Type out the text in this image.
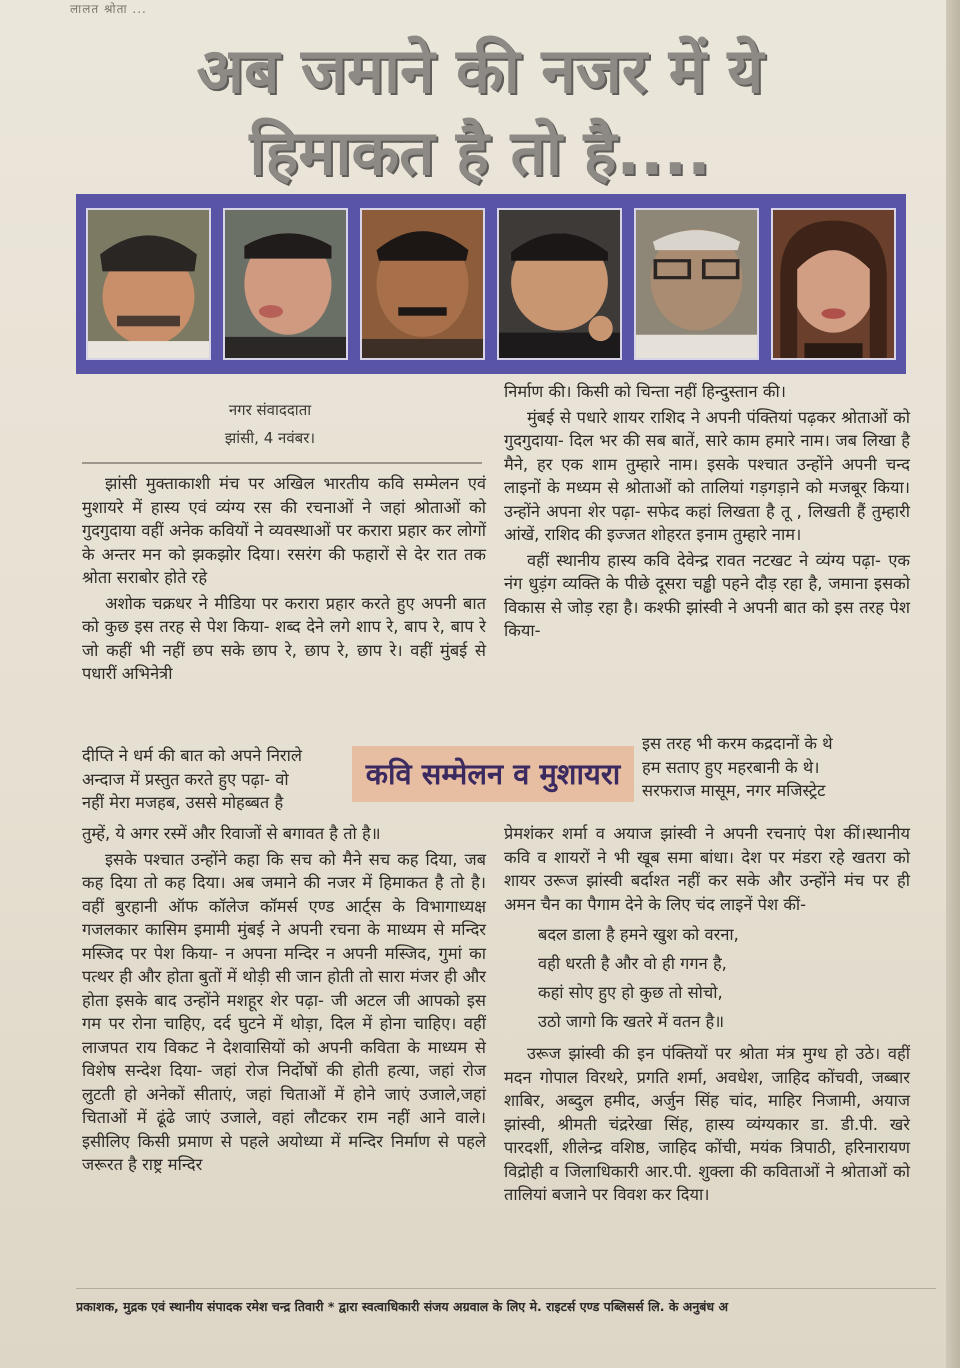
लालत श्रोता ...
अब जमाने की नजर में ये
हिमाकत है तो है....
नगर संवाददाता
झांसी, 4 नवंबर।

झांसी मुक्ताकाशी मंच पर अखिल भारतीय कवि सम्मेलन एवं मुशायरे में हास्य एवं व्यंग्य रस की रचनाओं ने जहां श्रोताओं को गुदगुदाया वहीं अनेक कवियों ने व्यवस्थाओं पर करारा प्रहार कर लोगों के अन्तर मन को झकझोर दिया। रसरंग की फहारों से देर रात तक श्रोता सराबोर होते रहे

अशोक चक्रधर ने मीडिया पर करारा प्रहार करते हुए अपनी बात को कुछ इस तरह से पेश किया- शब्द देने लगे शाप रे, बाप रे, बाप रे जो कहीं भी नहीं छप सके छाप रे, छाप रे, छाप रे। वहीं मुंबई से पधारीं अभिनेत्री

दीप्ति ने धर्म की बात को अपने निराले

अन्दाज में प्रस्तुत करते हुए पढ़ा- वो

नहीं मेरा मजहब, उससे मोहब्बत है

कवि सम्मेलन व मुशायरा

तुम्हें, ये अगर रस्में और रिवाजों से बगावत है तो है॥

इसके पश्चात उन्होंने कहा कि सच को मैने सच कह दिया, जब कह दिया तो कह दिया। अब जमाने की नजर में हिमाकत है तो है। वहीं बुरहानी ऑफ कॉलेज कॉमर्स एण्ड आर्ट्स के विभागाध्यक्ष गजलकार कासिम इमामी मुंबई ने अपनी रचना के माध्यम से मन्दिर मस्जिद पर पेश किया- न अपना मन्दिर न अपनी मस्जिद, गुमां का पत्थर ही और होता बुतों में थोड़ी सी जान होती तो सारा मंजर ही और होता इसके बाद उन्होंने मशहूर शेर पढ़ा- जी अटल जी आपको इस गम पर रोना चाहिए, दर्द घुटने में थोड़ा, दिल में होना चाहिए। वहीं लाजपत राय विकट ने देशवासियों को अपनी कविता के माध्यम से विशेष सन्देश दिया- जहां रोज निर्दोषों की होती हत्या, जहां रोज लुटती हो अनेकों सीताएं, जहां चिताओं में होने जाएं उजाले,जहां चिताओं में ढूंढे जाएं उजाले, वहां लौटकर राम नहीं आने वाले। इसीलिए किसी प्रमाण से पहले अयोध्या में मन्दिर निर्माण से पहले जरूरत है राष्ट्र मन्दिर

निर्माण की। किसी को चिन्ता नहीं हिन्दुस्तान की।

मुंबई से पधारे शायर राशिद ने अपनी पंक्तियां पढ़कर श्रोताओं को गुदगुदाया- दिल भर की सब बातें, सारे काम हमारे नाम। जब लिखा है मैने, हर एक शाम तुम्हारे नाम। इसके पश्चात उन्होंने अपनी चन्द लाइनों के मध्यम से श्रोताओं को तालियां गड़गड़ाने को मजबूर किया। उन्होंने अपना शेर पढ़ा- सफेद कहां लिखता है तू , लिखती हैं तुम्हारी आंखें, राशिद की इज्जत शोहरत इनाम तुम्हारे नाम।

वहीं स्थानीय हास्य कवि देवेन्द्र रावत नटखट ने व्यंग्य पढ़ा- एक नंग धुड़ंग व्यक्ति के पीछे दूसरा चड्ढी पहने दौड़ रहा है, जमाना इसको विकास से जोड़ रहा है। कश्फी झांस्वी ने अपनी बात को इस तरह पेश किया-

इस तरह भी करम कद्रदानों के थे

हम सताए हुए महरबानी के थे।

सरफराज मासूम, नगर मजिस्ट्रेट

प्रेमशंकर शर्मा व अयाज झांस्वी ने अपनी रचनाएं पेश कीं।स्थानीय कवि व शायरों ने भी खूब समा बांधा। देश पर मंडरा रहे खतरा को शायर उरूज झांस्वी बर्दाश्त नहीं कर सके और उन्होंने मंच पर ही अमन चैन का पैगाम देने के लिए चंद लाइनें पेश कीं-

बदल डाला है हमने खुश को वरना,
वही धरती है और वो ही गगन है,
कहां सोए हुए हो कुछ तो सोचो,
उठो जागो कि खतरे में वतन है॥

उरूज झांस्वी की इन पंक्तियों पर श्रोता मंत्र मुग्ध हो उठे। वहीं मदन गोपाल विरथरे, प्रगति शर्मा, अवधेश, जाहिद कोंचवी, जब्बार शाबिर, अब्दुल हमीद, अर्जुन सिंह चांद, माहिर निजामी, अयाज झांस्वी, श्रीमती चंद्ररेखा सिंह, हास्य व्यंग्यकार डा. डी.पी. खरे पारदर्शी, शीलेन्द्र वशिष्ठ, जाहिद कोंची, मयंक त्रिपाठी, हरिनारायण विद्रोही व जिलाधिकारी आर.पी. शुक्ला की कविताओं ने श्रोताओं को तालियां बजाने पर विवश कर दिया।

प्रकाशक, मुद्रक एवं स्थानीय संपादक रमेश चन्द्र तिवारी * द्वारा स्वत्वाधिकारी संजय अग्रवाल के लिए मे. राइटर्स एण्ड पब्लिसर्स लि. के अनुबंध अ
